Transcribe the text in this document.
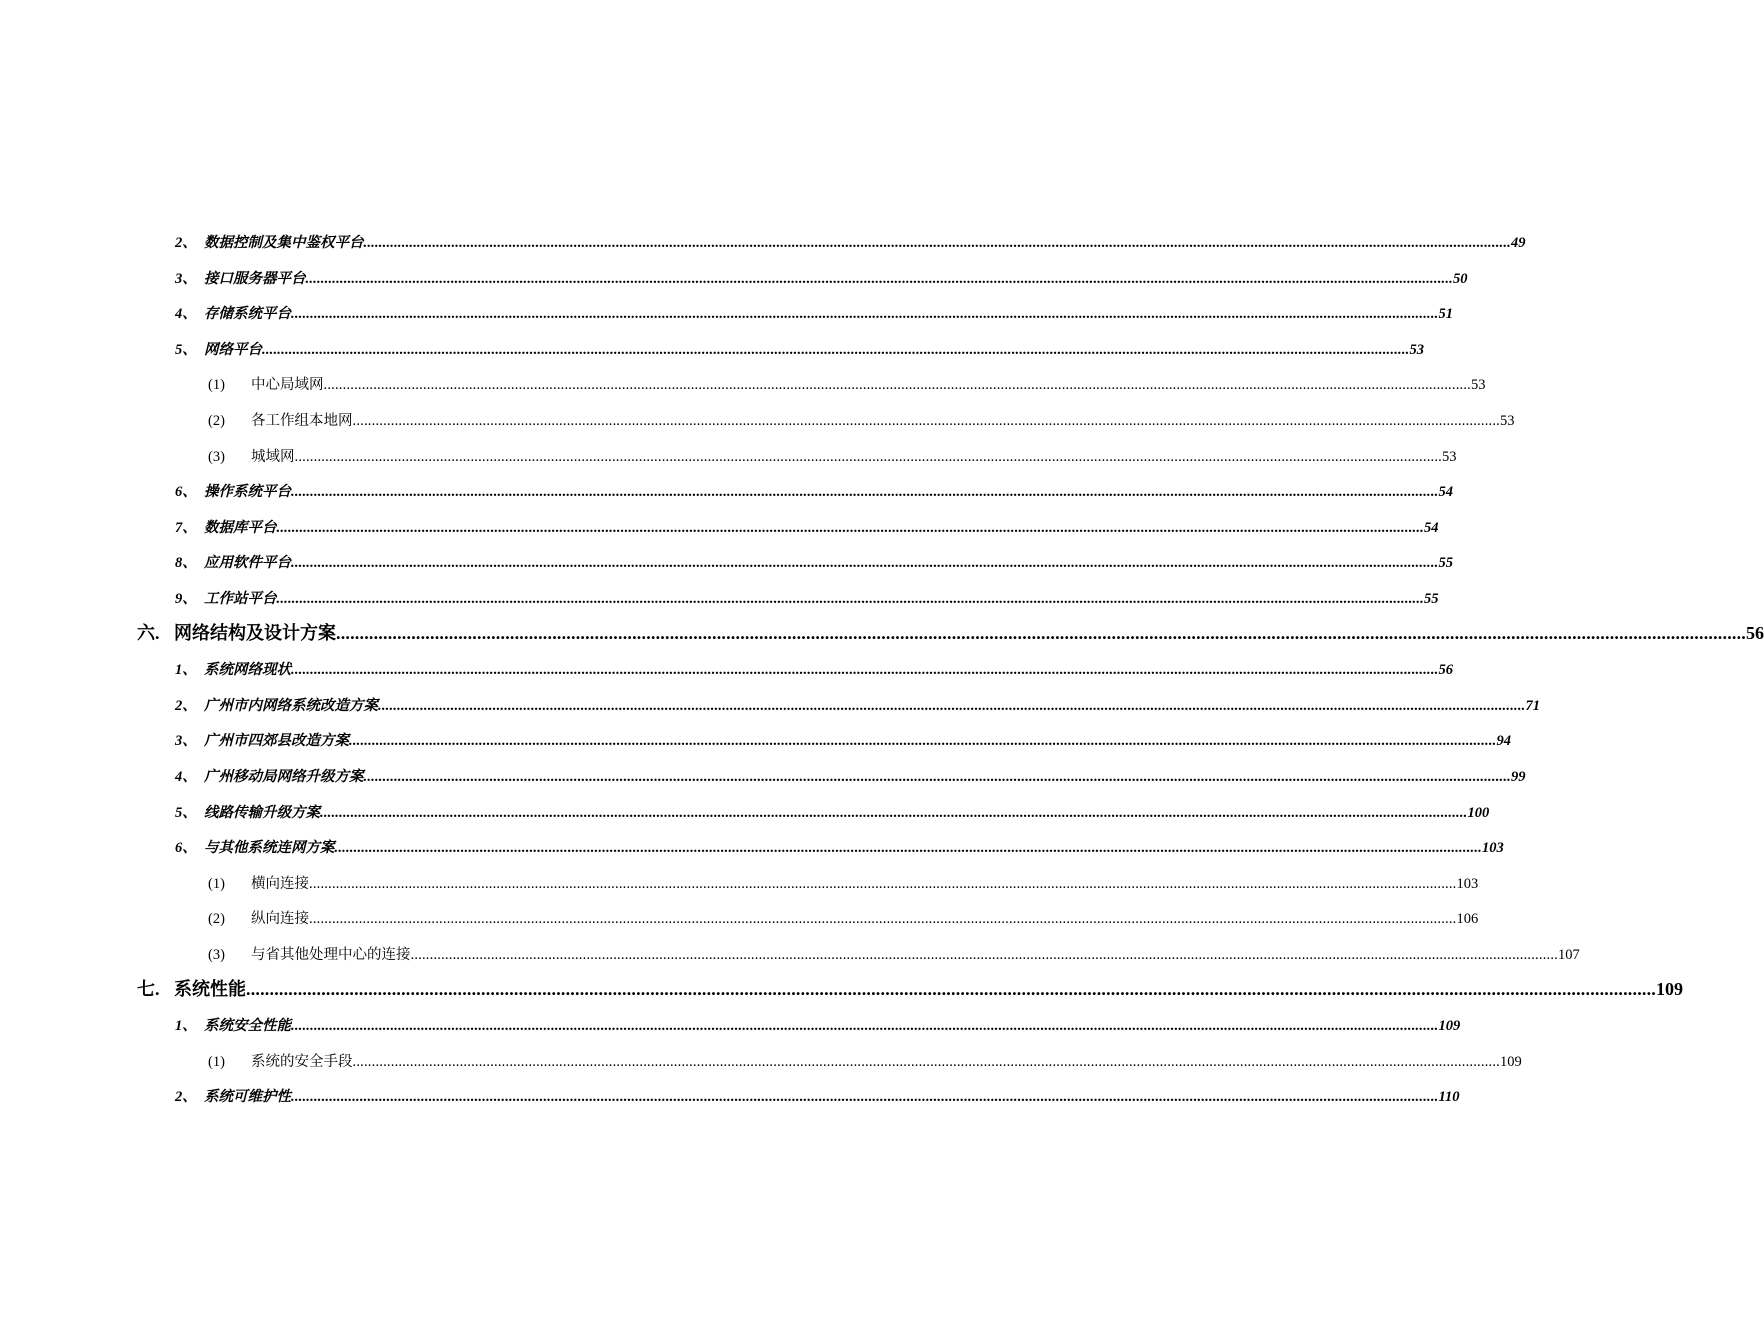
2、 数据控制及集中鉴权平台 ............................................................................................................................................................................................................................................................................................................ 49
3、 接口服务器平台 ............................................................................................................................................................................................................................................................................................................ 50
4、 存储系统平台 ............................................................................................................................................................................................................................................................................................................ 51
5、 网络平台 ............................................................................................................................................................................................................................................................................................................ 53
(1)	中心局域网 ............................................................................................................................................................................................................................................................................................................ 53
(2)	各工作组本地网 ............................................................................................................................................................................................................................................................................................................ 53
(3)	城域网 ............................................................................................................................................................................................................................................................................................................ 53
6、 操作系统平台 ............................................................................................................................................................................................................................................................................................................ 54
7、 数据库平台 ............................................................................................................................................................................................................................................................................................................ 54
8、 应用软件平台 ............................................................................................................................................................................................................................................................................................................ 55
9、 工作站平台 ............................................................................................................................................................................................................................................................................................................ 55
六. 网络结构及设计方案 ............................................................................................................................................................................................................................................................................................................ 56
1、 系统网络现状 ............................................................................................................................................................................................................................................................................................................ 56
2、 广州市内网络系统改造方案 ............................................................................................................................................................................................................................................................................................................ 71
3、 广州市四郊县改造方案 ............................................................................................................................................................................................................................................................................................................ 94
4、 广州移动局网络升级方案 ............................................................................................................................................................................................................................................................................................................ 99
5、 线路传输升级方案 ............................................................................................................................................................................................................................................................................................................ 100
6、 与其他系统连网方案 ............................................................................................................................................................................................................................................................................................................ 103
(1)	横向连接 ............................................................................................................................................................................................................................................................................................................ 103
(2)	纵向连接 ............................................................................................................................................................................................................................................................................................................ 106
(3)	与省其他处理中心的连接 ............................................................................................................................................................................................................................................................................................................ 107
七. 系统性能 ............................................................................................................................................................................................................................................................................................................ 109
1、 系统安全性能 ............................................................................................................................................................................................................................................................................................................ 109
(1)	系统的安全手段 ............................................................................................................................................................................................................................................................................................................ 109
2、 系统可维护性 ............................................................................................................................................................................................................................................................................................................ 110
